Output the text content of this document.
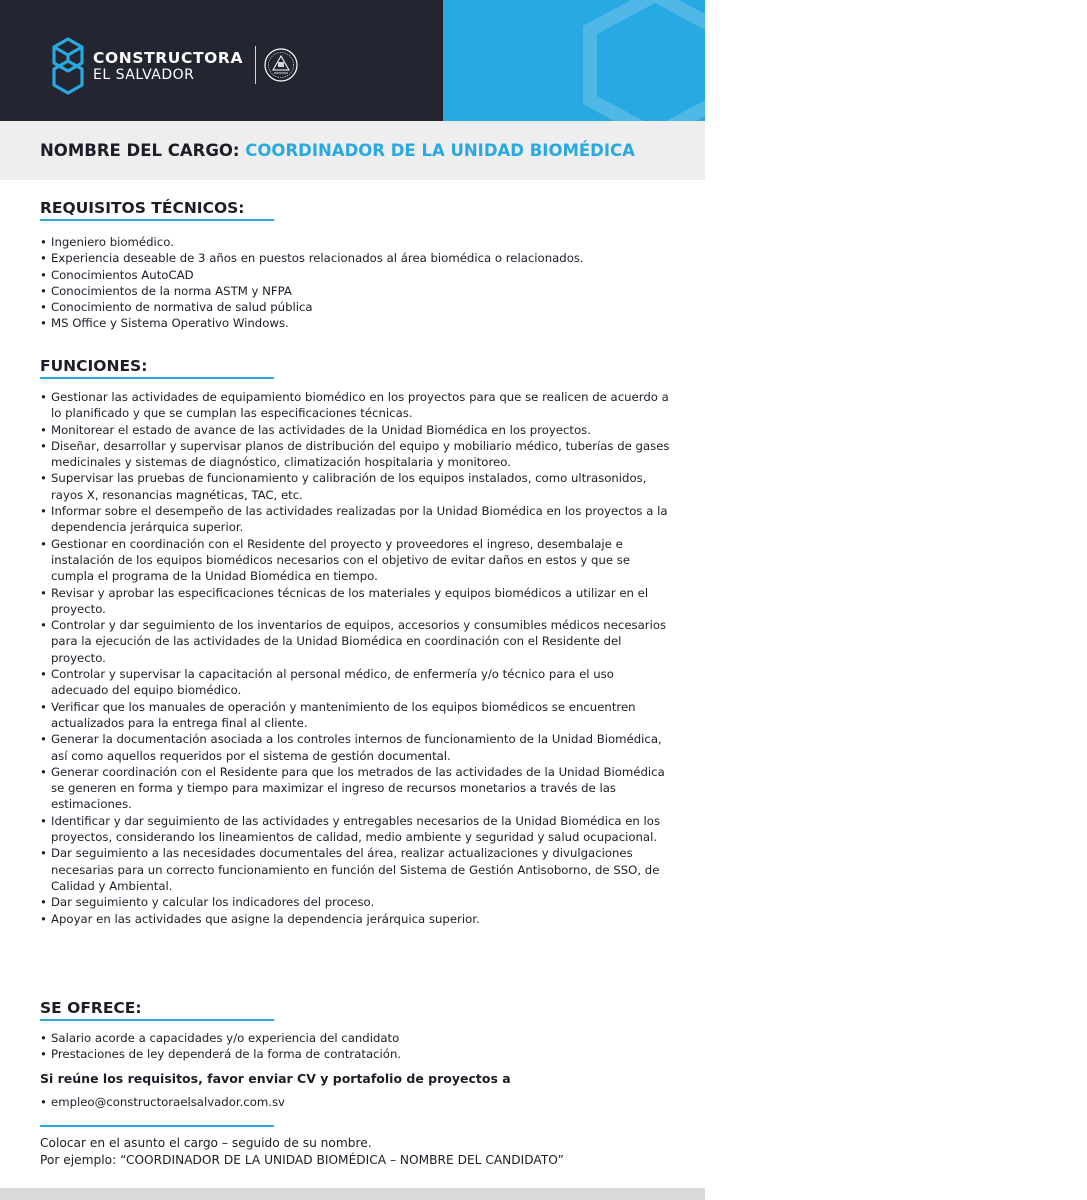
CONSTRUCTORA
EL SALVADOR
OPORTUNIDAD
LABORAL
NOMBRE DEL CARGO: COORDINADOR DE LA UNIDAD BIOMÉDICA
REQUISITOS TÉCNICOS:
• Ingeniero biomédico.
• Experiencia deseable de 3 años en puestos relacionados al área biomédica o relacionados.
• Conocimientos AutoCAD
• Conocimientos de la norma ASTM y NFPA
• Conocimiento de normativa de salud pública
• MS Office y Sistema Operativo Windows.
FUNCIONES:
• Gestionar las actividades de equipamiento biomédico en los proyectos para que se realicen de acuerdo a lo planificado y que se cumplan las especificaciones técnicas.
• Monitorear el estado de avance de las actividades de la Unidad Biomédica en los proyectos.
• Diseñar, desarrollar y supervisar planos de distribución del equipo y mobiliario médico, tuberías de gases medicinales y sistemas de diagnóstico, climatización hospitalaria y monitoreo.
• Supervisar las pruebas de funcionamiento y calibración de los equipos instalados, como ultrasonidos, rayos X, resonancias magnéticas, TAC, etc.
• Informar sobre el desempeño de las actividades realizadas por la Unidad Biomédica en los proyectos a la dependencia jerárquica superior.
• Gestionar en coordinación con el Residente del proyecto y proveedores el ingreso, desembalaje e instalación de los equipos biomédicos necesarios con el objetivo de evitar daños en estos y que se cumpla el programa de la Unidad Biomédica en tiempo.
• Revisar y aprobar las especificaciones técnicas de los materiales y equipos biomédicos a utilizar en el proyecto.
• Controlar y dar seguimiento de los inventarios de equipos, accesorios y consumibles médicos necesarios para la ejecución de las actividades de la Unidad Biomédica en coordinación con el Residente del proyecto.
• Controlar y supervisar la capacitación al personal médico, de enfermería y/o técnico para el uso adecuado del equipo biomédico.
• Verificar que los manuales de operación y mantenimiento de los equipos biomédicos se encuentren actualizados para la entrega final al cliente.
• Generar la documentación asociada a los controles internos de funcionamiento de la Unidad Biomédica, así como aquellos requeridos por el sistema de gestión documental.
• Generar coordinación con el Residente para que los metrados de las actividades de la Unidad Biomédica se generen en forma y tiempo para maximizar el ingreso de recursos monetarios a través de las estimaciones.
• Identificar y dar seguimiento de las actividades y entregables necesarios de la Unidad Biomédica en los proyectos, considerando los lineamientos de calidad, medio ambiente y seguridad y salud ocupacional.
• Dar seguimiento a las necesidades documentales del área, realizar actualizaciones y divulgaciones necesarias para un correcto funcionamiento en función del Sistema de Gestión Antisoborno, de SSO, de Calidad y Ambiental.
• Dar seguimiento y calcular los indicadores del proceso.
• Apoyar en las actividades que asigne la dependencia jerárquica superior.
SE OFRECE:
• Salario acorde a capacidades y/o experiencia del candidato
• Prestaciones de ley dependerá de la forma de contratación.
Si reúne los requisitos, favor enviar CV y portafolio de proyectos a
• empleo@constructoraelsalvador.com.sv
Colocar en el asunto el cargo – seguido de su nombre.
Por ejemplo: “COORDINADOR DE LA UNIDAD BIOMÉDICA – NOMBRE DEL CANDIDATO”
